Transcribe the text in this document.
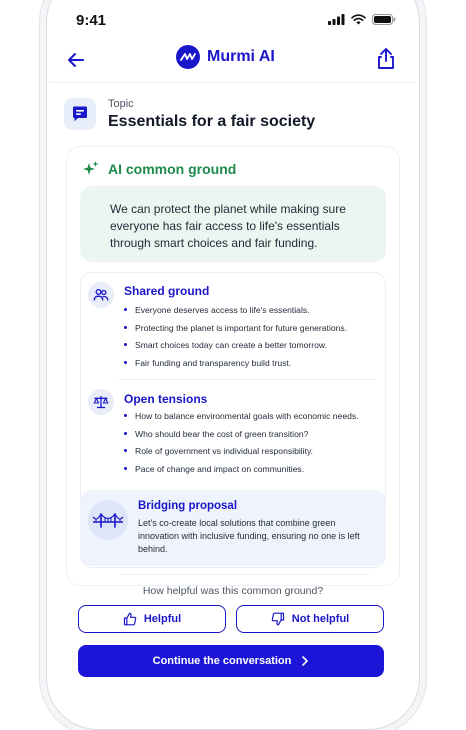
9:41
Murmi AI
Topic
Essentials for a fair society
AI common ground
We can protect the planet while making sure everyone has fair access to life's essentials through smart choices and fair funding.
Shared ground
Everyone deserves access to life's essentials.
Protecting the planet is important for future generations.
Smart choices today can create a better tomorrow.
Fair funding and transparency build trust.
Open tensions
How to balance environmental goals with economic needs.
Who should bear the cost of green transition?
Role of government vs individual responsibility.
Pace of change and impact on communities.
Bridging proposal

Let's co-create local solutions that combine green innovation with inclusive funding, ensuring no one is left behind.

How helpful was this common ground?
Helpful	Not helpful
Continue the conversation
